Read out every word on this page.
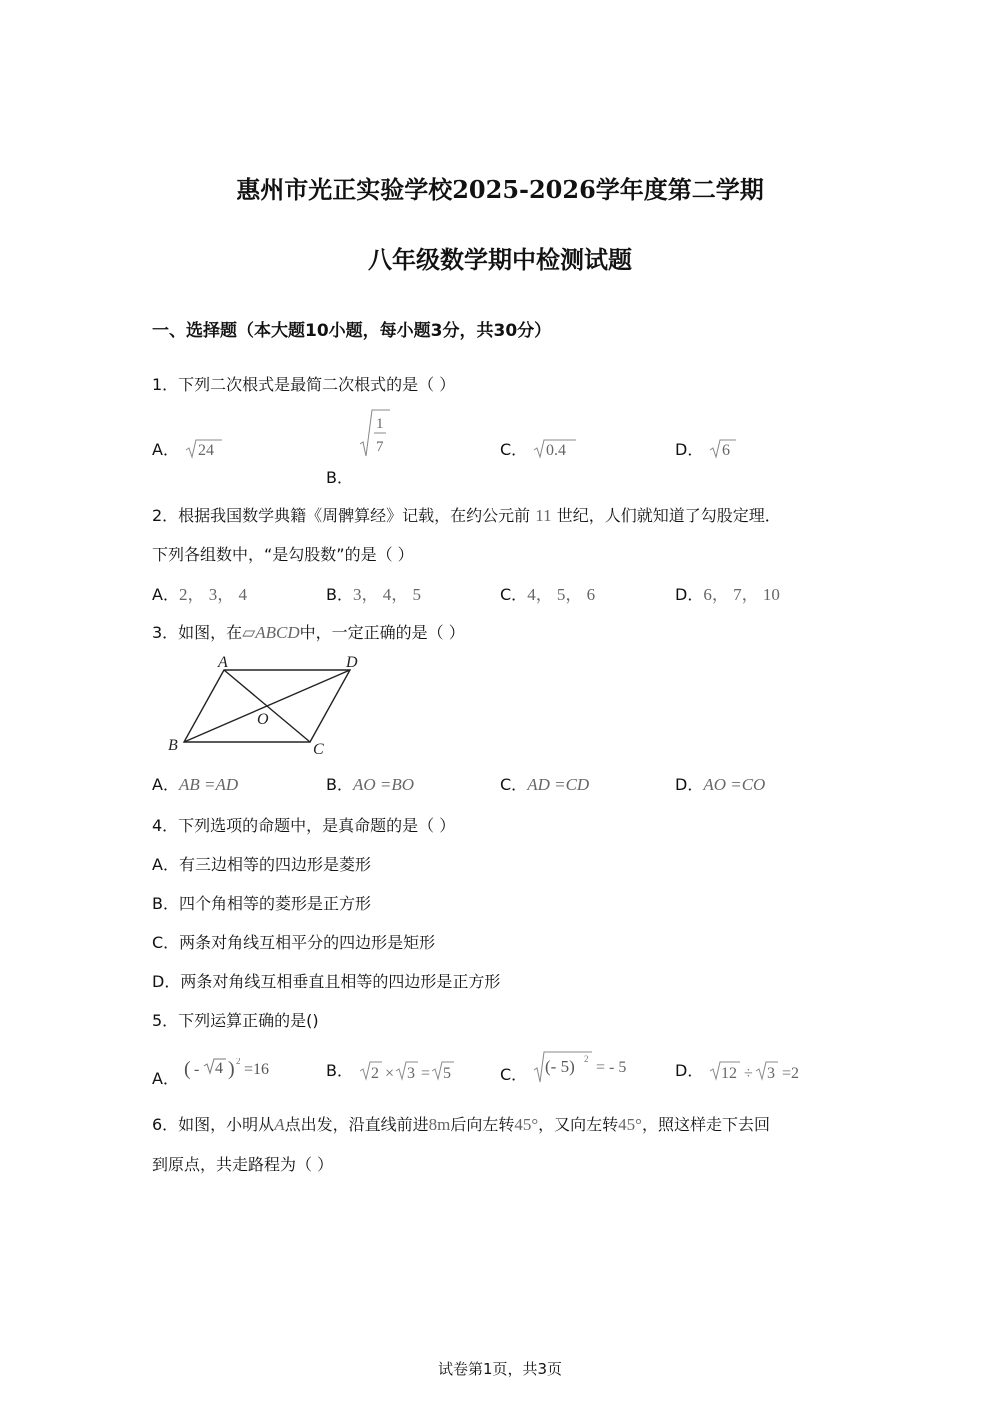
惠州市光正实验学校2025-2026学年度第二学期
八年级数学期中检测试题
一、选择题（本大题10小题，每小题3分，共30分）
1．下列二次根式是最简二次根式的是（ ）
A． 24
B．
1
7	C． 0.4	D． 6
2．根据我国数学典籍《周髀算经》记载，在约公元前 11 世纪，人们就知道了勾股定理．
下列各组数中，“是勾股数”的是（ ）
A．2， 3， 4	B．3， 4， 5	C．4， 5， 6	D．6， 7， 10
3．如图，在▱ABCD中，一定正确的是（ ）
A	D
B	C
O
A．AB =AD	B．AO =BO	C．AD =CD	D．AO =CO
4．下列选项的命题中，是真命题的是（ ）
A．有三边相等的四边形是菱形
B．四个角相等的菱形是正方形
C．两条对角线互相平分的四边形是矩形
D．两条对角线互相垂直且相等的四边形是正方形
5．下列运算正确的是()
A． ( - 4 ) 2 =16	B． 2 × 3 = 5	C． (- 5) 2 = - 5	D． 12 ÷ 3 =2
6．如图，小明从A点出发，沿直线前进8m后向左转45°，又向左转45°，照这样走下去回
到原点，共走路程为（ ）
试卷第1页，共3页
